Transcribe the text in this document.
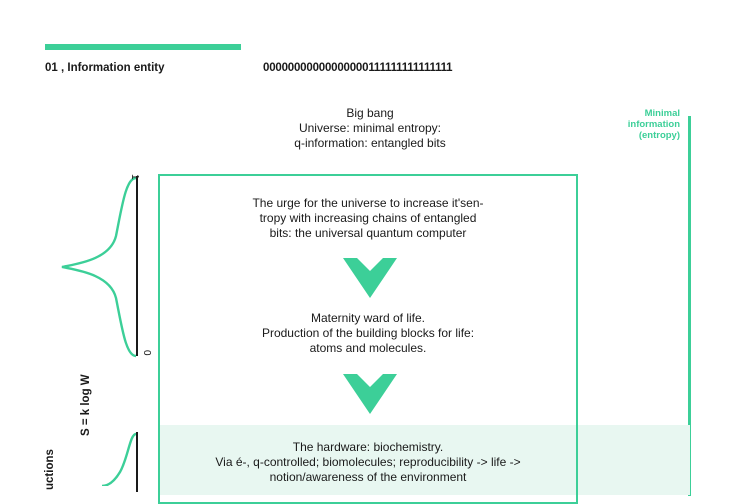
01 , Information entity	00000000000000000111111111111111
Big bang
Universe: minimal entropy:
q-information: entangled bits
Minimal
information
(entropy)
The urge for the universe to increase it'sen-
tropy with increasing chains of entangled
bits: the universal quantum computer
Maternity ward of life.
Production of the building blocks for life:
atoms and molecules.
The hardware: biochemistry.
Via é-, q-controlled; biomolecules; reproducibility -> life ->
notion/awareness of the environment
1
0
S = k log W
uctions
